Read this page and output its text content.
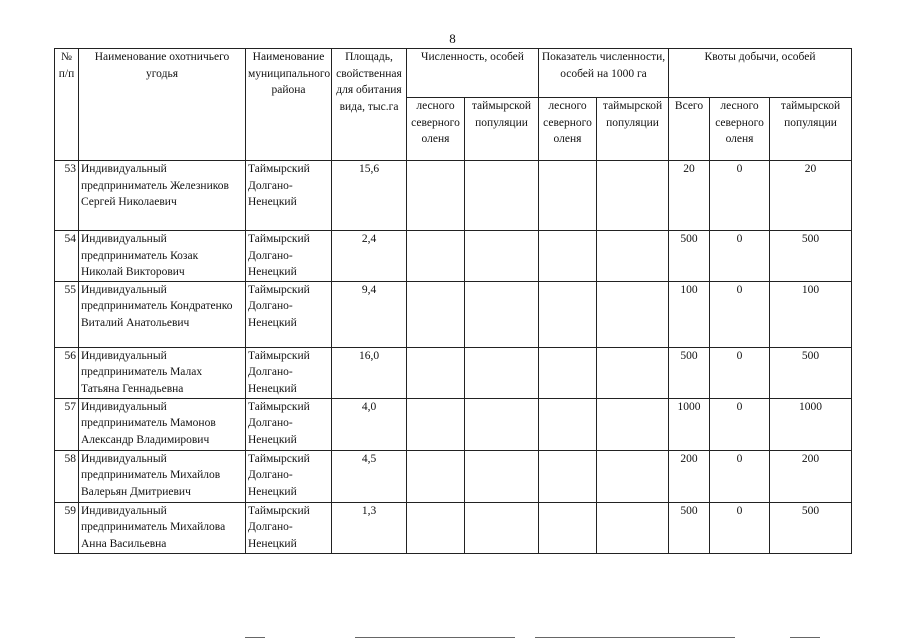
8
№ п/п	Наименование охотничьего угодья	Наименование муниципального района	Площадь, свойственная для обитания вида, тыс.га	Численность, особей		Показатель численности, особей на 1000 га		Квоты добычи, особей		
				лесного северного оленя	таймырской популяции	лесного северного оленя	таймырской популяции	Всего	лесного северного оленя	таймырской популяции
53	Индивидуальный предприниматель Железников Сергей Николаевич	Таймырский Долгано-Ненецкий	15,6					20	0	20
54	Индивидуальный предприниматель Козак Николай Викторович	Таймырский Долгано-Ненецкий	2,4					500	0	500
55	Индивидуальный предприниматель Кондратенко Виталий Анатольевич	Таймырский Долгано-Ненецкий	9,4					100	0	100
56	Индивидуальный предприниматель Малах Татьяна Геннадьевна	Таймырский Долгано-Ненецкий	16,0					500	0	500
57	Индивидуальный предприниматель Мамонов Александр Владимирович	Таймырский Долгано-Ненецкий	4,0					1000	0	1000
58	Индивидуальный предприниматель Михайлов Валерьян Дмитриевич	Таймырский Долгано-Ненецкий	4,5					200	0	200
59	Индивидуальный предприниматель Михайлова Анна Васильевна	Таймырский Долгано-Ненецкий	1,3					500	0	500
